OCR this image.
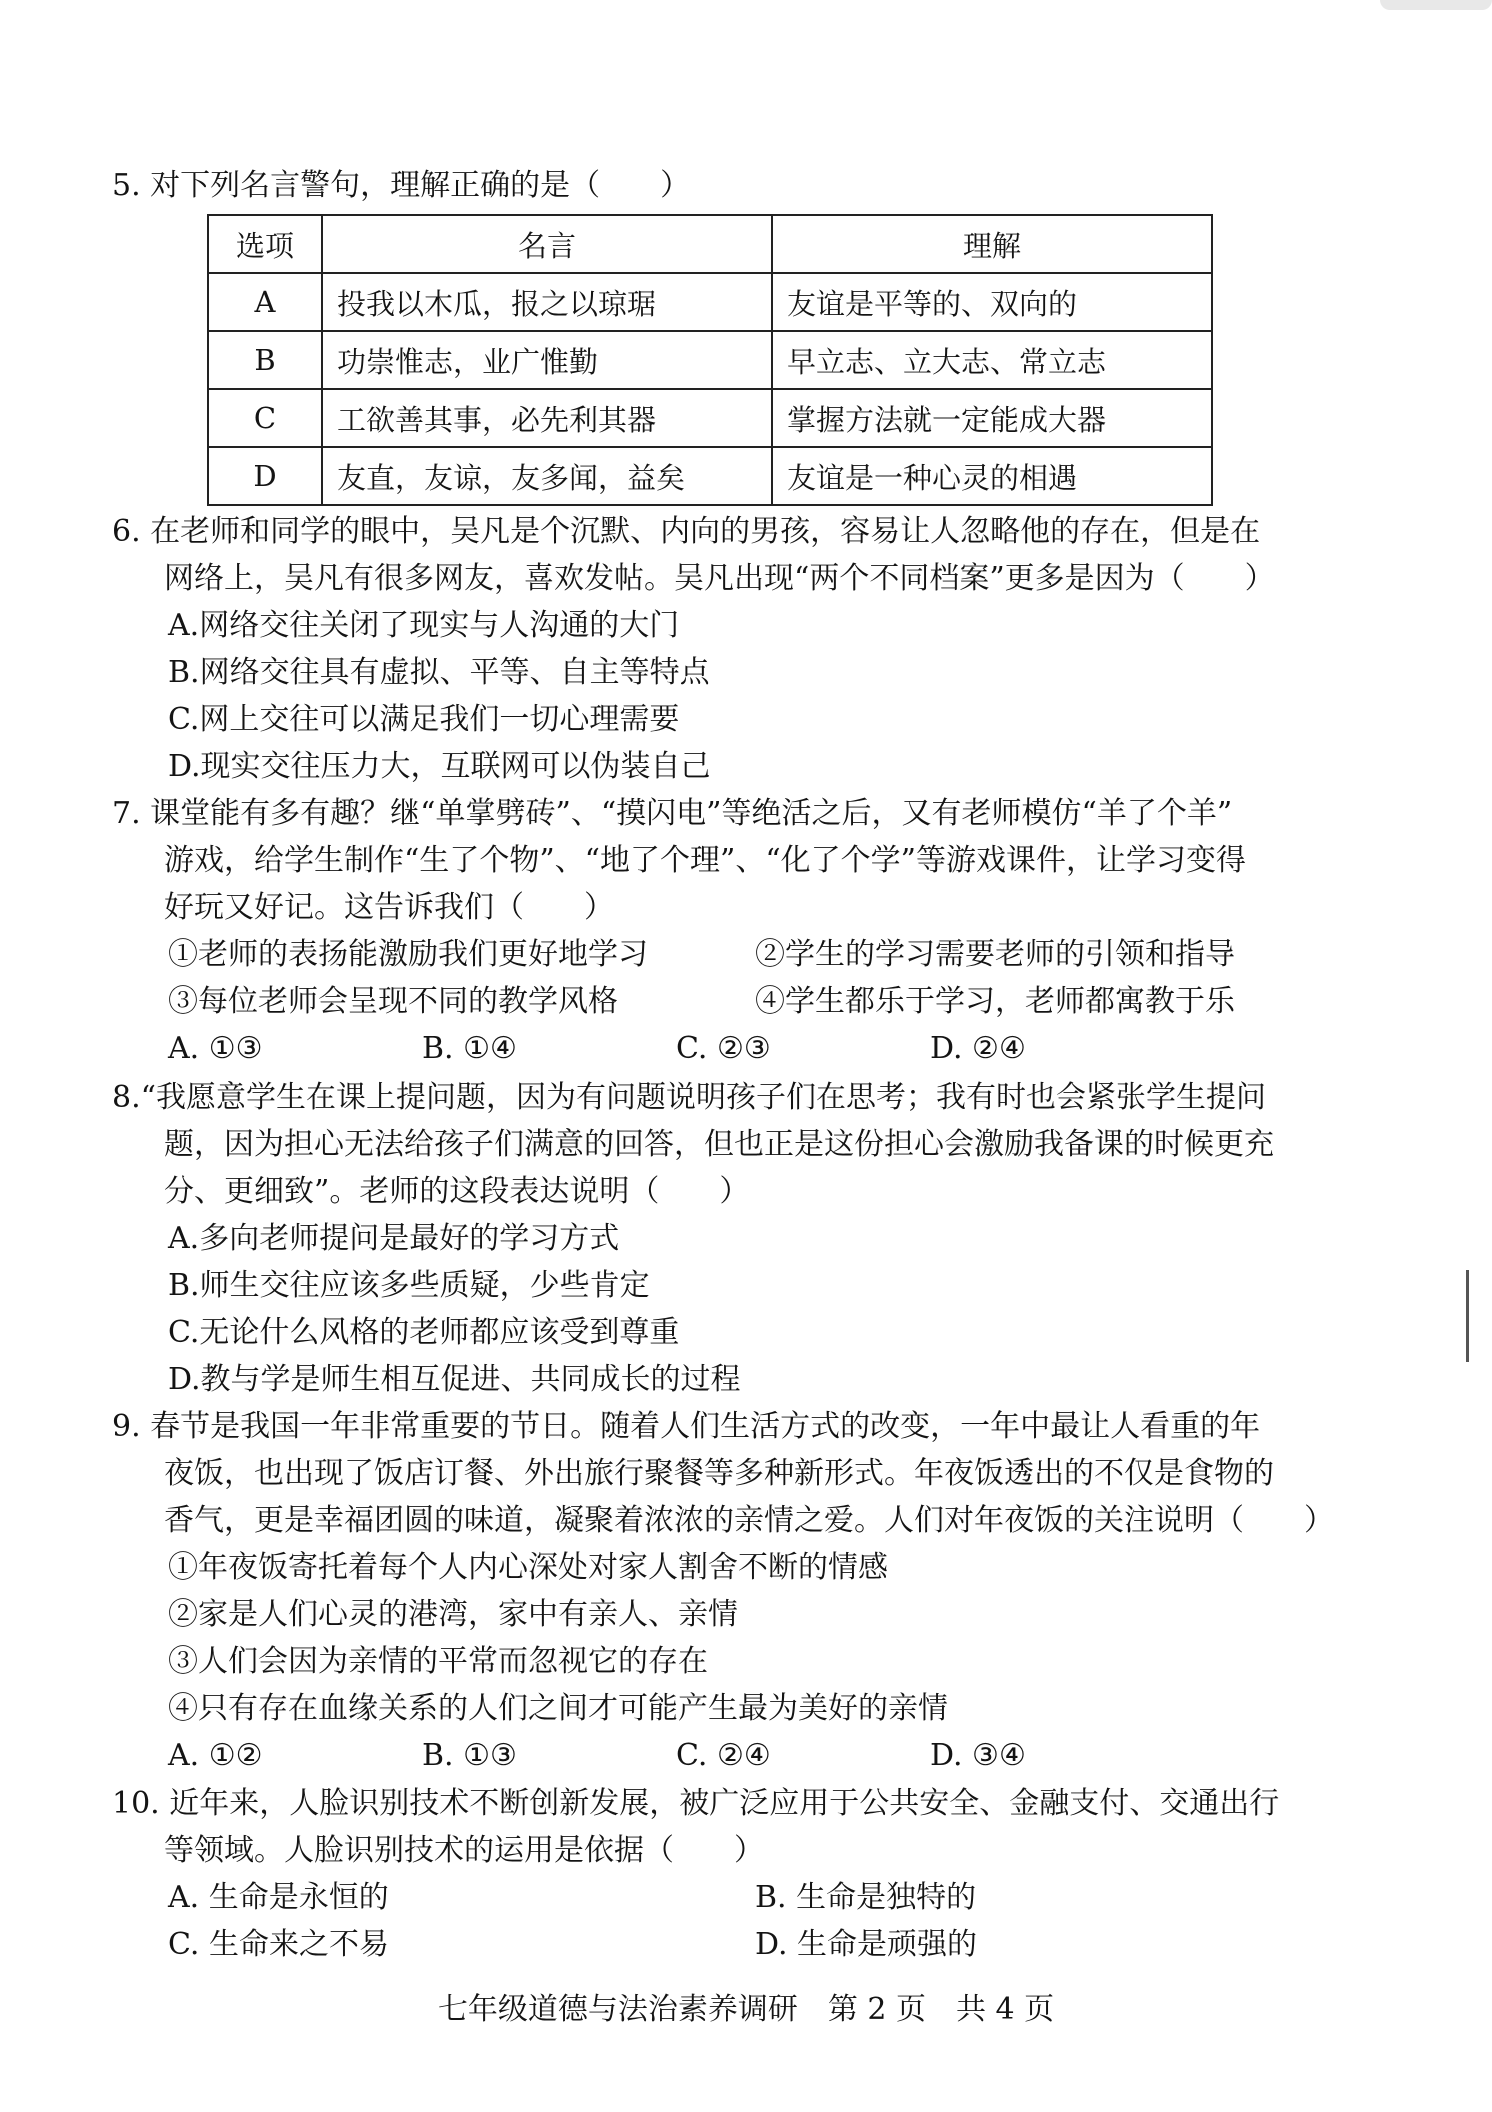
5. 对下列名言警句，理解正确的是（　　）
选项	名言	理解
A	投我以木瓜，报之以琼琚	友谊是平等的、双向的
B	功崇惟志，业广惟勤	早立志、立大志、常立志
C	工欲善其事，必先利其器	掌握方法就一定能成大器
D	友直，友谅，友多闻，益矣	友谊是一种心灵的相遇
6. 在老师和同学的眼中，吴凡是个沉默、内向的男孩，容易让人忽略他的存在，但是在
网络上，吴凡有很多网友，喜欢发帖。吴凡出现“两个不同档案”更多是因为（　　）
A.网络交往关闭了现实与人沟通的大门
B.网络交往具有虚拟、平等、自主等特点
C.网上交往可以满足我们一切心理需要
D.现实交往压力大，互联网可以伪装自己
7. 课堂能有多有趣？继“单掌劈砖”、“摸闪电”等绝活之后，又有老师模仿“羊了个羊”
游戏，给学生制作“生了个物”、“地了个理”、“化了个学”等游戏课件，让学习变得
好玩又好记。这告诉我们（　　）
①老师的表扬能激励我们更好地学习	②学生的学习需要老师的引领和指导
③每位老师会呈现不同的教学风格	④学生都乐于学习，老师都寓教于乐
A. ①③	B. ①④	C. ②③	D. ②④
8.“我愿意学生在课上提问题，因为有问题说明孩子们在思考；我有时也会紧张学生提问
题，因为担心无法给孩子们满意的回答，但也正是这份担心会激励我备课的时候更充
分、更细致”。老师的这段表达说明（　　）
A.多向老师提问是最好的学习方式
B.师生交往应该多些质疑，少些肯定
C.无论什么风格的老师都应该受到尊重
D.教与学是师生相互促进、共同成长的过程
9. 春节是我国一年非常重要的节日。随着人们生活方式的改变，一年中最让人看重的年
夜饭，也出现了饭店订餐、外出旅行聚餐等多种新形式。年夜饭透出的不仅是食物的
香气，更是幸福团圆的味道，凝聚着浓浓的亲情之爱。人们对年夜饭的关注说明（　　）
①年夜饭寄托着每个人内心深处对家人割舍不断的情感
②家是人们心灵的港湾，家中有亲人、亲情
③人们会因为亲情的平常而忽视它的存在
④只有存在血缘关系的人们之间才可能产生最为美好的亲情
A. ①②	B. ①③	C. ②④	D. ③④
10. 近年来，人脸识别技术不断创新发展，被广泛应用于公共安全、金融支付、交通出行
等领域。人脸识别技术的运用是依据（　　）
A. 生命是永恒的	B. 生命是独特的
C. 生命来之不易	D. 生命是顽强的
七年级道德与法治素养调研　第 2 页　共 4 页
